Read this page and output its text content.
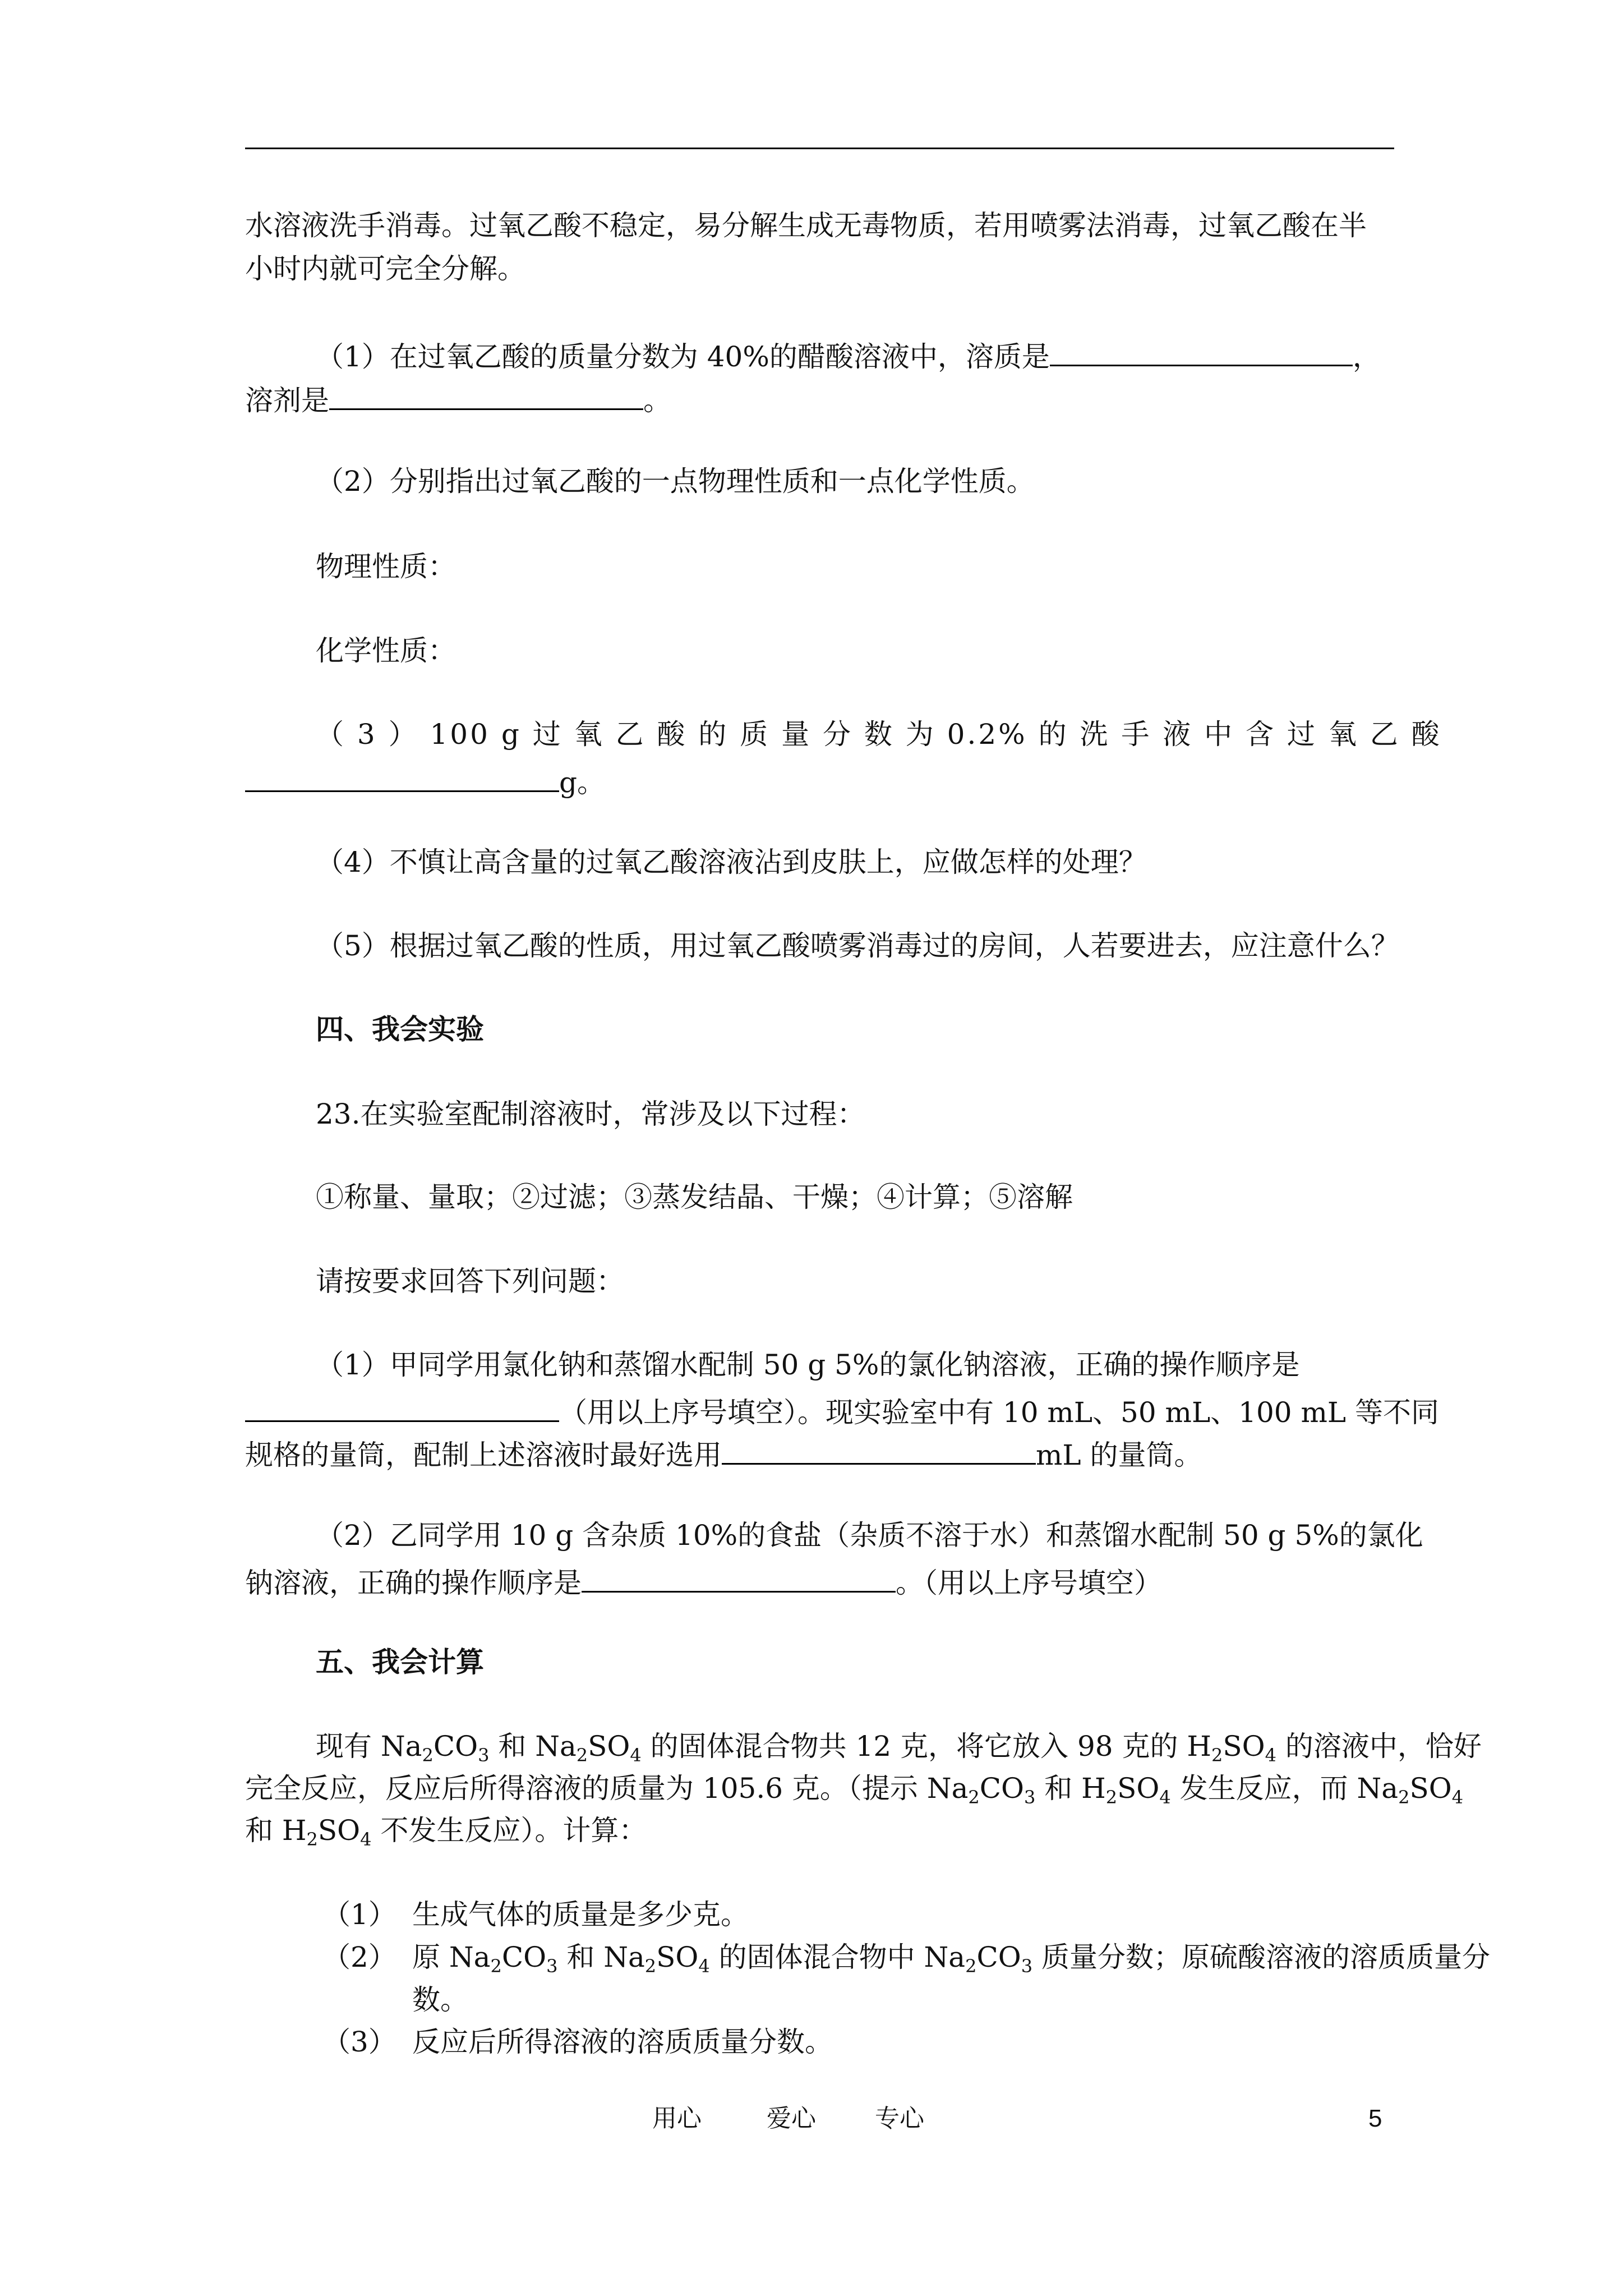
水溶液洗手消毒。过氧乙酸不稳定，易分解生成无毒物质，若用喷雾法消毒，过氧乙酸在半
小时内就可完全分解。
（1）在过氧乙酸的质量分数为 40%的醋酸溶液中，溶质是	，
溶剂是	。
（2）分别指出过氧乙酸的一点物理性质和一点化学性质。
物理性质：
化学性质：
（ 3 ） 100 g 过 氧 乙 酸 的 质 量 分 数 为 0.2% 的 洗 手 液 中 含 过 氧 乙 酸
g。
（4）不慎让高含量的过氧乙酸溶液沾到皮肤上，应做怎样的处理？
（5）根据过氧乙酸的性质，用过氧乙酸喷雾消毒过的房间，人若要进去，应注意什么？
四、我会实验
23.在实验室配制溶液时，常涉及以下过程：
①称量、量取；②过滤；③蒸发结晶、干燥；④计算；⑤溶解
请按要求回答下列问题：
（1）甲同学用氯化钠和蒸馏水配制 50 g 5%的氯化钠溶液，正确的操作顺序是
（用以上序号填空）。现实验室中有 10 mL、50 mL、100 mL 等不同
规格的量筒，配制上述溶液时最好选用	mL 的量筒。
（2）乙同学用 10 g 含杂质 10%的食盐（杂质不溶于水）和蒸馏水配制 50 g 5%的氯化
钠溶液，正确的操作顺序是	。（用以上序号填空）
五、我会计算
现有 $Na_2CO_3$ 和 $Na_2SO_4$ 的固体混合物共 12 克，将它放入 98 克的 $H_2SO_4$ 的溶液中，恰好
完全反应，反应后所得溶液的质量为 105.6 克。（提示 $Na_2CO_3$ 和 $H_2SO_4$ 发生反应，而 $Na_2SO_4$
和 $H_2SO_4$ 不发生反应）。计算：
（1） 生成气体的质量是多少克。
（2） 原 $Na_2CO_3$ 和 $Na_2SO_4$ 的固体混合物中 $Na_2CO_3$ 质量分数；原硫酸溶液的溶质质量分
数。
（3） 反应后所得溶液的溶质质量分数。
用心	爱心 专心	5
